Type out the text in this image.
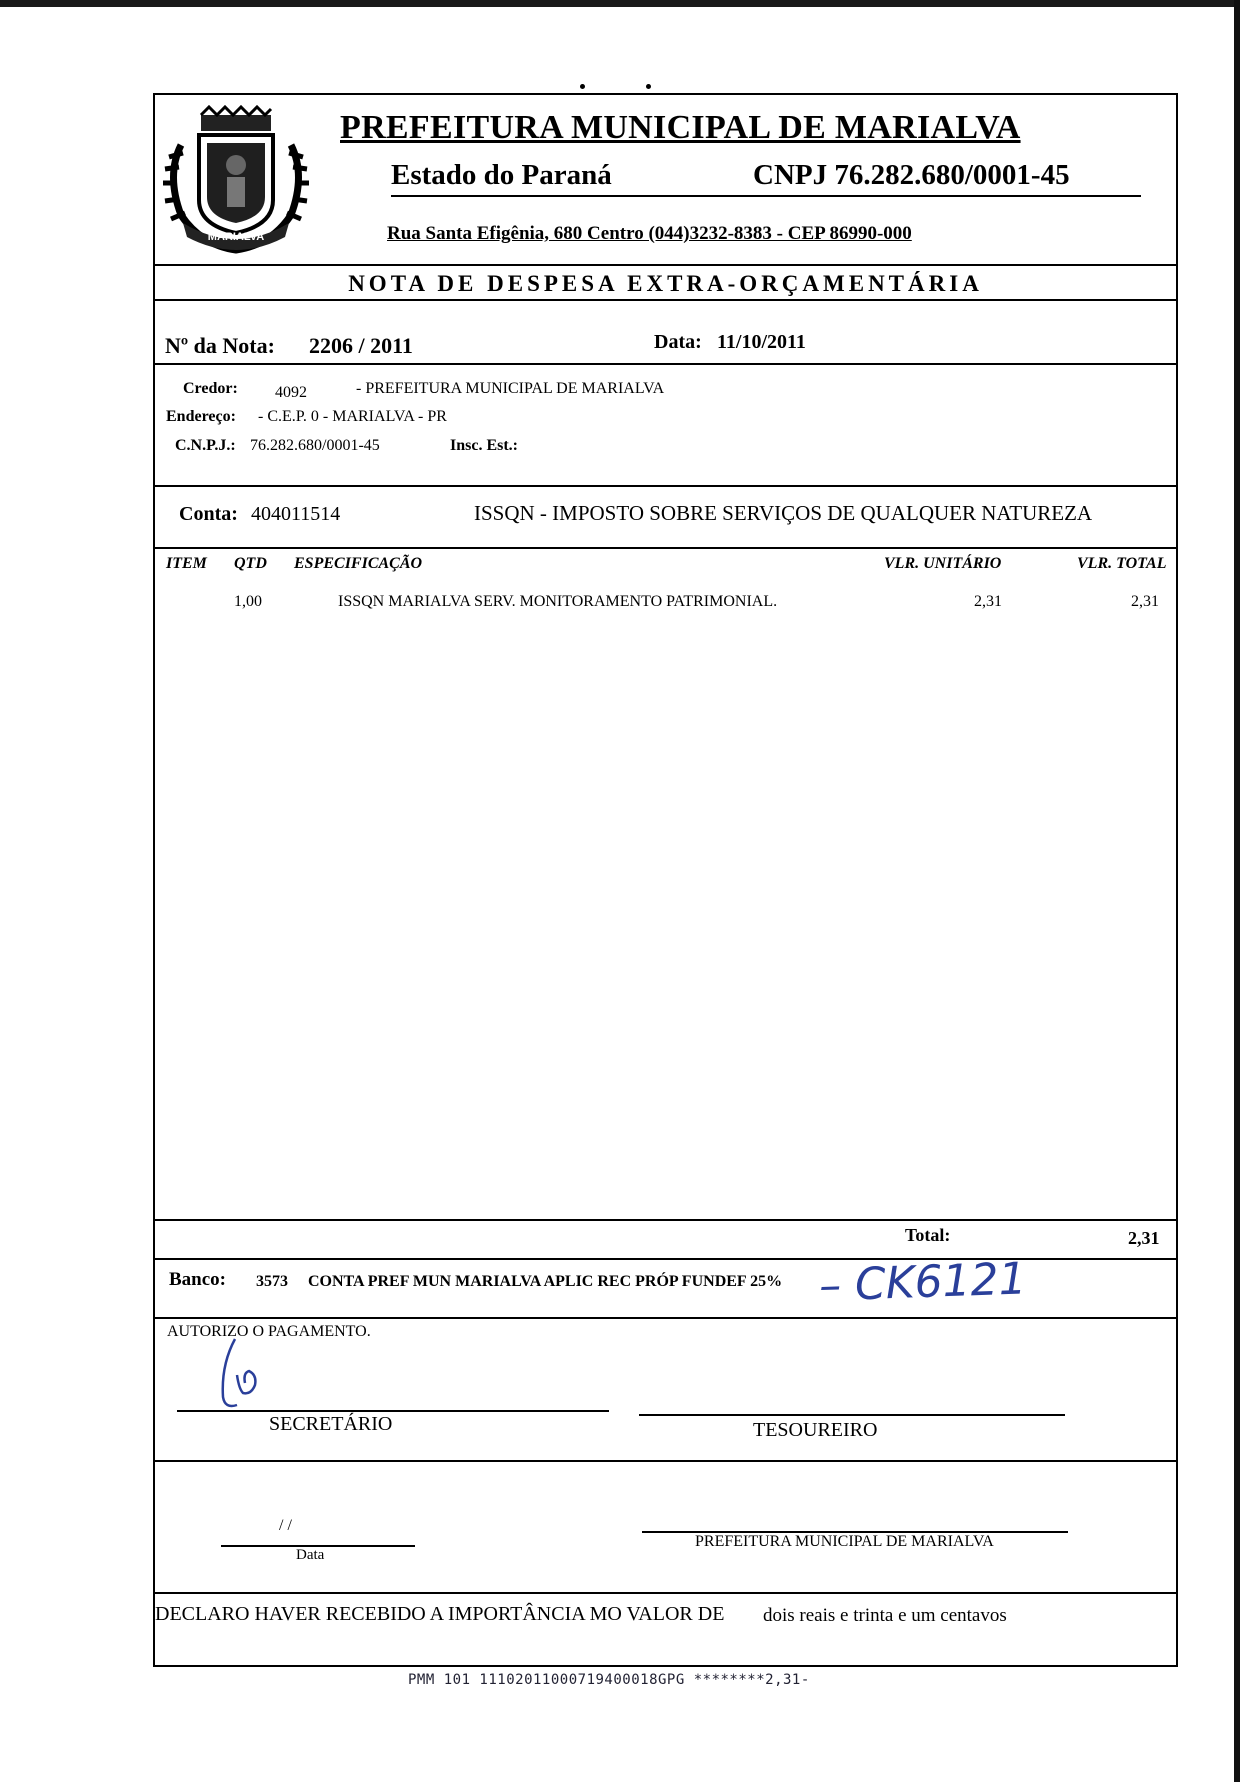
MARIALVA
PREFEITURA MUNICIPAL DE MARIALVA
Estado do Paraná	CNPJ 76.282.680/0001-45
Rua Santa Efigênia, 680 Centro (044)3232-8383 - CEP 86990-000
NOTA DE DESPESA EXTRA-ORÇAMENTÁRIA
Nº da Nota: 2206 / 2011	Data: 11/10/2011
Credor: 4092	- PREFEITURA MUNICIPAL DE MARIALVA
Endereço: - C.E.P. 0 - MARIALVA - PR
C.N.P.J.: 76.282.680/0001-45	Insc. Est.:
Conta: 404011514	ISSQN - IMPOSTO SOBRE SERVIÇOS DE QUALQUER NATUREZA
ITEM QTD ESPECIFICAÇÃO	VLR. UNITÁRIO	VLR. TOTAL
1,00	ISSQN MARIALVA SERV. MONITORAMENTO PATRIMONIAL.	2,31	2,31
Total:	2,31
Banco: 3573 CONTA PREF MUN MARIALVA APLIC REC PRÓP FUNDEF 25% – CK6121
AUTORIZO O PAGAMENTO.
SECRETÁRIO	TESOUREIRO
/ /
Data
PREFEITURA MUNICIPAL DE MARIALVA
DECLARO HAVER RECEBIDO A IMPORTÂNCIA MO VALOR DE dois reais e trinta e um centavos
PMM 101 11102011000719400018GPG ********2,31-
